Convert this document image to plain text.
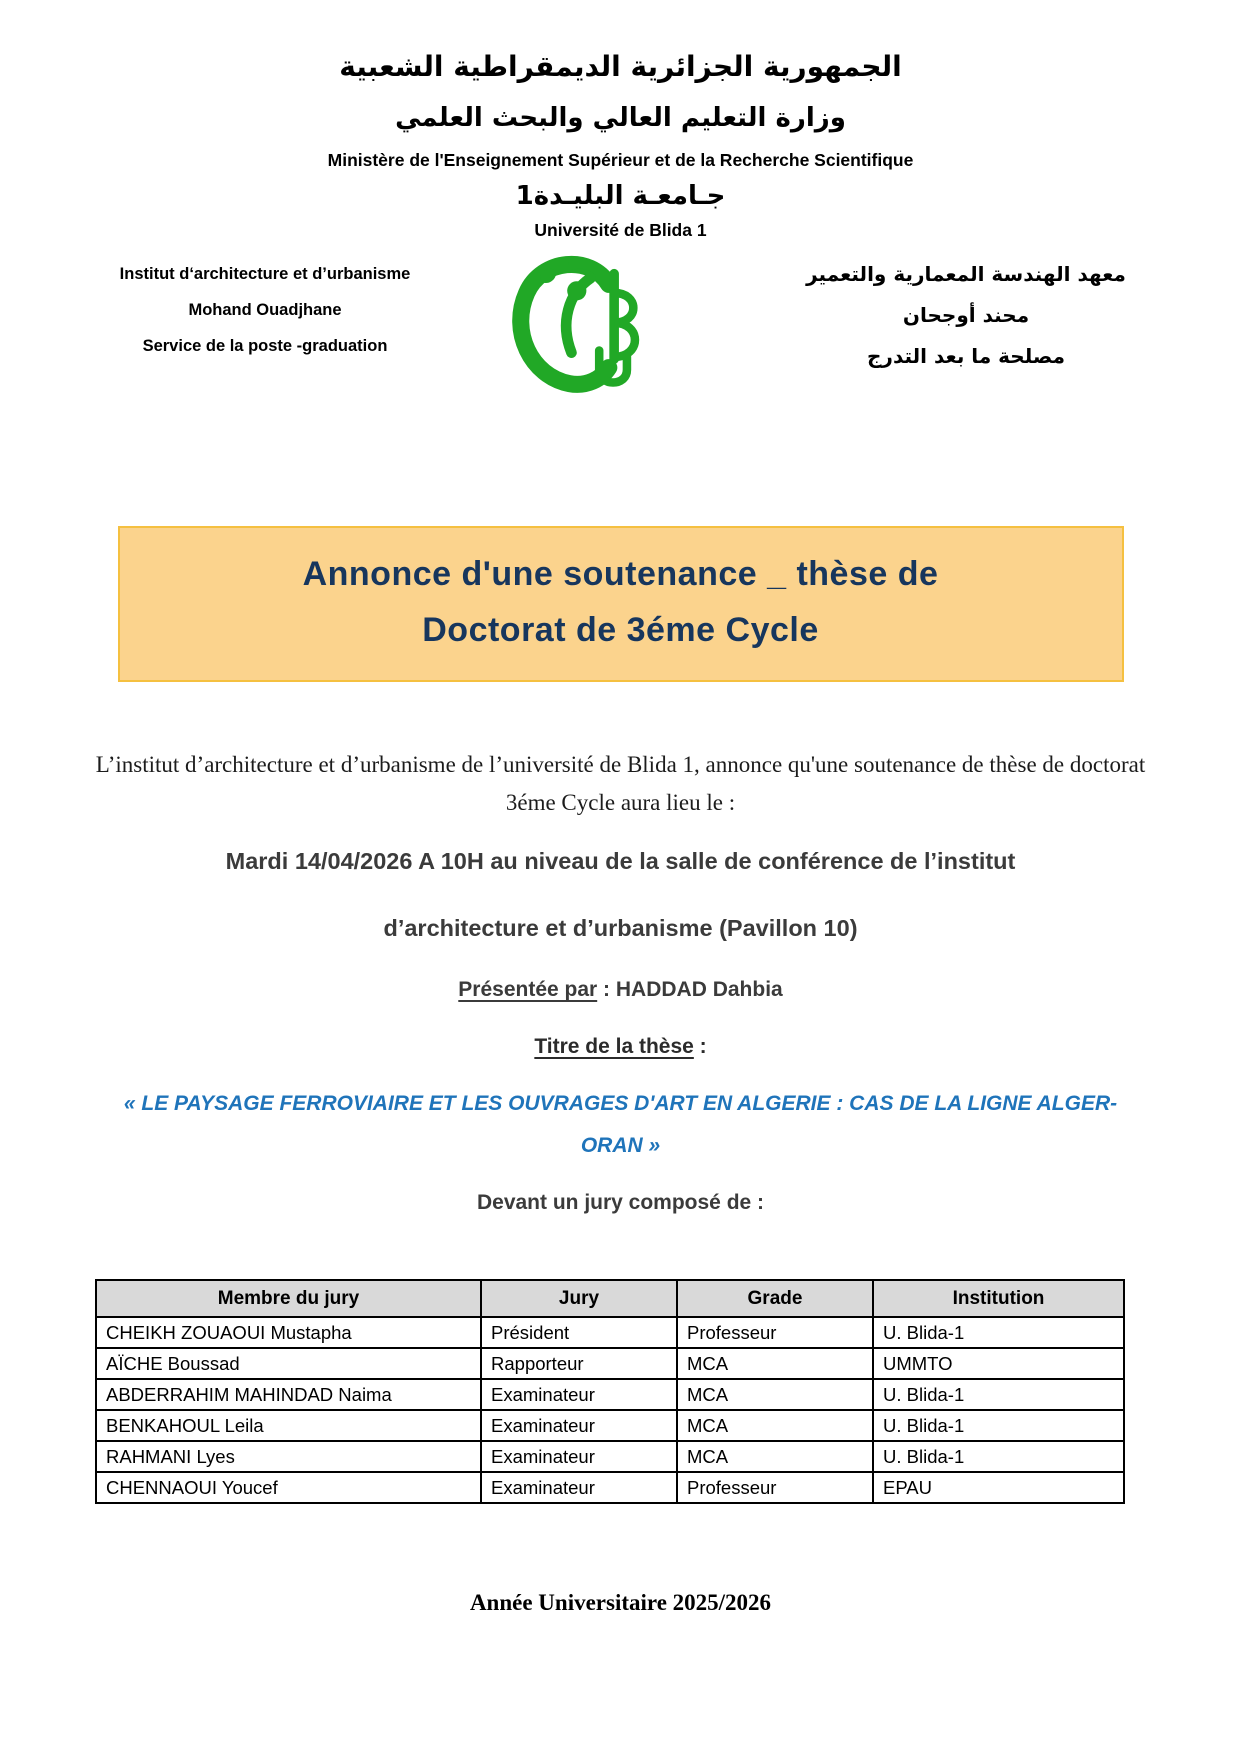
الجمهورية الجزائرية الديمقراطية الشعبية
وزارة التعليم العالي والبحث العلمي
Ministère de l'Enseignement Supérieur et de la Recherche Scientifique
جـامعـة البليـدة1
Université de Blida 1
Institut d‘architecture et d’urbanisme
Mohand Ouadjhane
Service de la poste -graduation
معهد الهندسة المعمارية والتعمير
محند أوجحان
مصلحة ما بعد التدرج
Annonce d'une soutenance _ thèse de
Doctorat de 3éme Cycle
L’institut d’architecture et d’urbanisme de l’université de Blida 1, annonce qu'une soutenance de thèse de doctorat 3éme Cycle aura lieu le :
Mardi 14/04/2026 A 10H au niveau de la salle de conférence de l’institut
d’architecture et d’urbanisme (Pavillon 10)
Présentée par : HADDAD Dahbia
Titre de la thèse :
« LE PAYSAGE FERROVIAIRE ET LES OUVRAGES D'ART EN ALGERIE : CAS DE LA LIGNE ALGER-ORAN »
Devant un jury composé de :
Membre du jury	Jury	Grade	Institution
CHEIKH ZOUAOUI Mustapha	Président	Professeur	U. Blida-1
AÏCHE Boussad	Rapporteur	MCA	UMMTO
ABDERRAHIM MAHINDAD Naima	Examinateur	MCA	U. Blida-1
BENKAHOUL Leila	Examinateur	MCA	U. Blida-1
RAHMANI Lyes	Examinateur	MCA	U. Blida-1
CHENNAOUI Youcef	Examinateur	Professeur	EPAU
Année Universitaire 2025/2026
